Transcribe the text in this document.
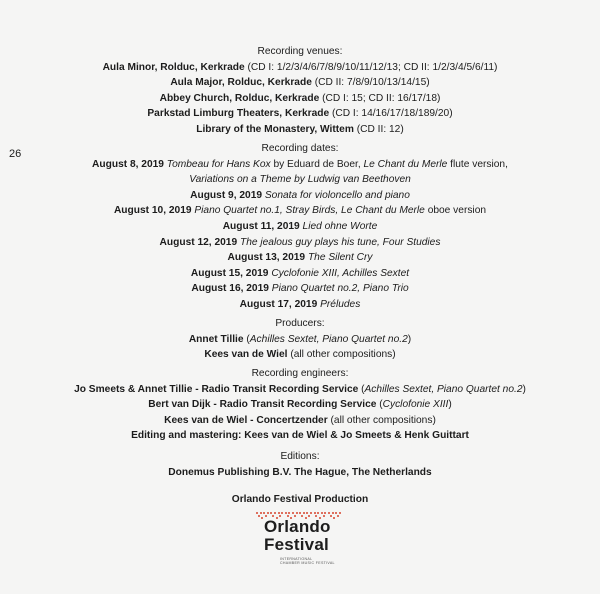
26
Recording venues:
Aula Minor, Rolduc, Kerkrade (CD I: 1/2/3/4/6/7/8/9/10/11/12/13; CD II: 1/2/3/4/5/6/11)
Aula Major, Rolduc, Kerkrade (CD II: 7/8/9/10/13/14/15)
Abbey Church, Rolduc, Kerkrade (CD I: 15; CD II: 16/17/18)
Parkstad Limburg Theaters, Kerkrade (CD I: 14/16/17/18/189/20)
Library of the Monastery, Wittem (CD II: 12)
Recording dates:
August 8, 2019 Tombeau for Hans Kox by Eduard de Boer, Le Chant du Merle flute version,
Variations on a Theme by Ludwig van Beethoven
August 9, 2019 Sonata for violoncello and piano
August 10, 2019 Piano Quartet no.1, Stray Birds, Le Chant du Merle oboe version
August 11, 2019 Lied ohne Worte
August 12, 2019 The jealous guy plays his tune, Four Studies
August 13, 2019 The Silent Cry
August 15, 2019 Cyclofonie XIII, Achilles Sextet
August 16, 2019 Piano Quartet no.2, Piano Trio
August 17, 2019 Préludes
Producers:
Annet Tillie (Achilles Sextet, Piano Quartet no.2)
Kees van de Wiel (all other compositions)
Recording engineers:
Jo Smeets & Annet Tillie - Radio Transit Recording Service (Achilles Sextet, Piano Quartet no.2)
Bert van Dijk - Radio Transit Recording Service (Cyclofonie XIII)
Kees van de Wiel - Concertzender (all other compositions)
Editing and mastering: Kees van de Wiel & Jo Smeets & Henk Guittart
Editions:
Donemus Publishing B.V. The Hague, The Netherlands
Orlando Festival Production
Orlando
Festival
INTERNATIONAL
CHAMBER MUSIC FESTIVAL
